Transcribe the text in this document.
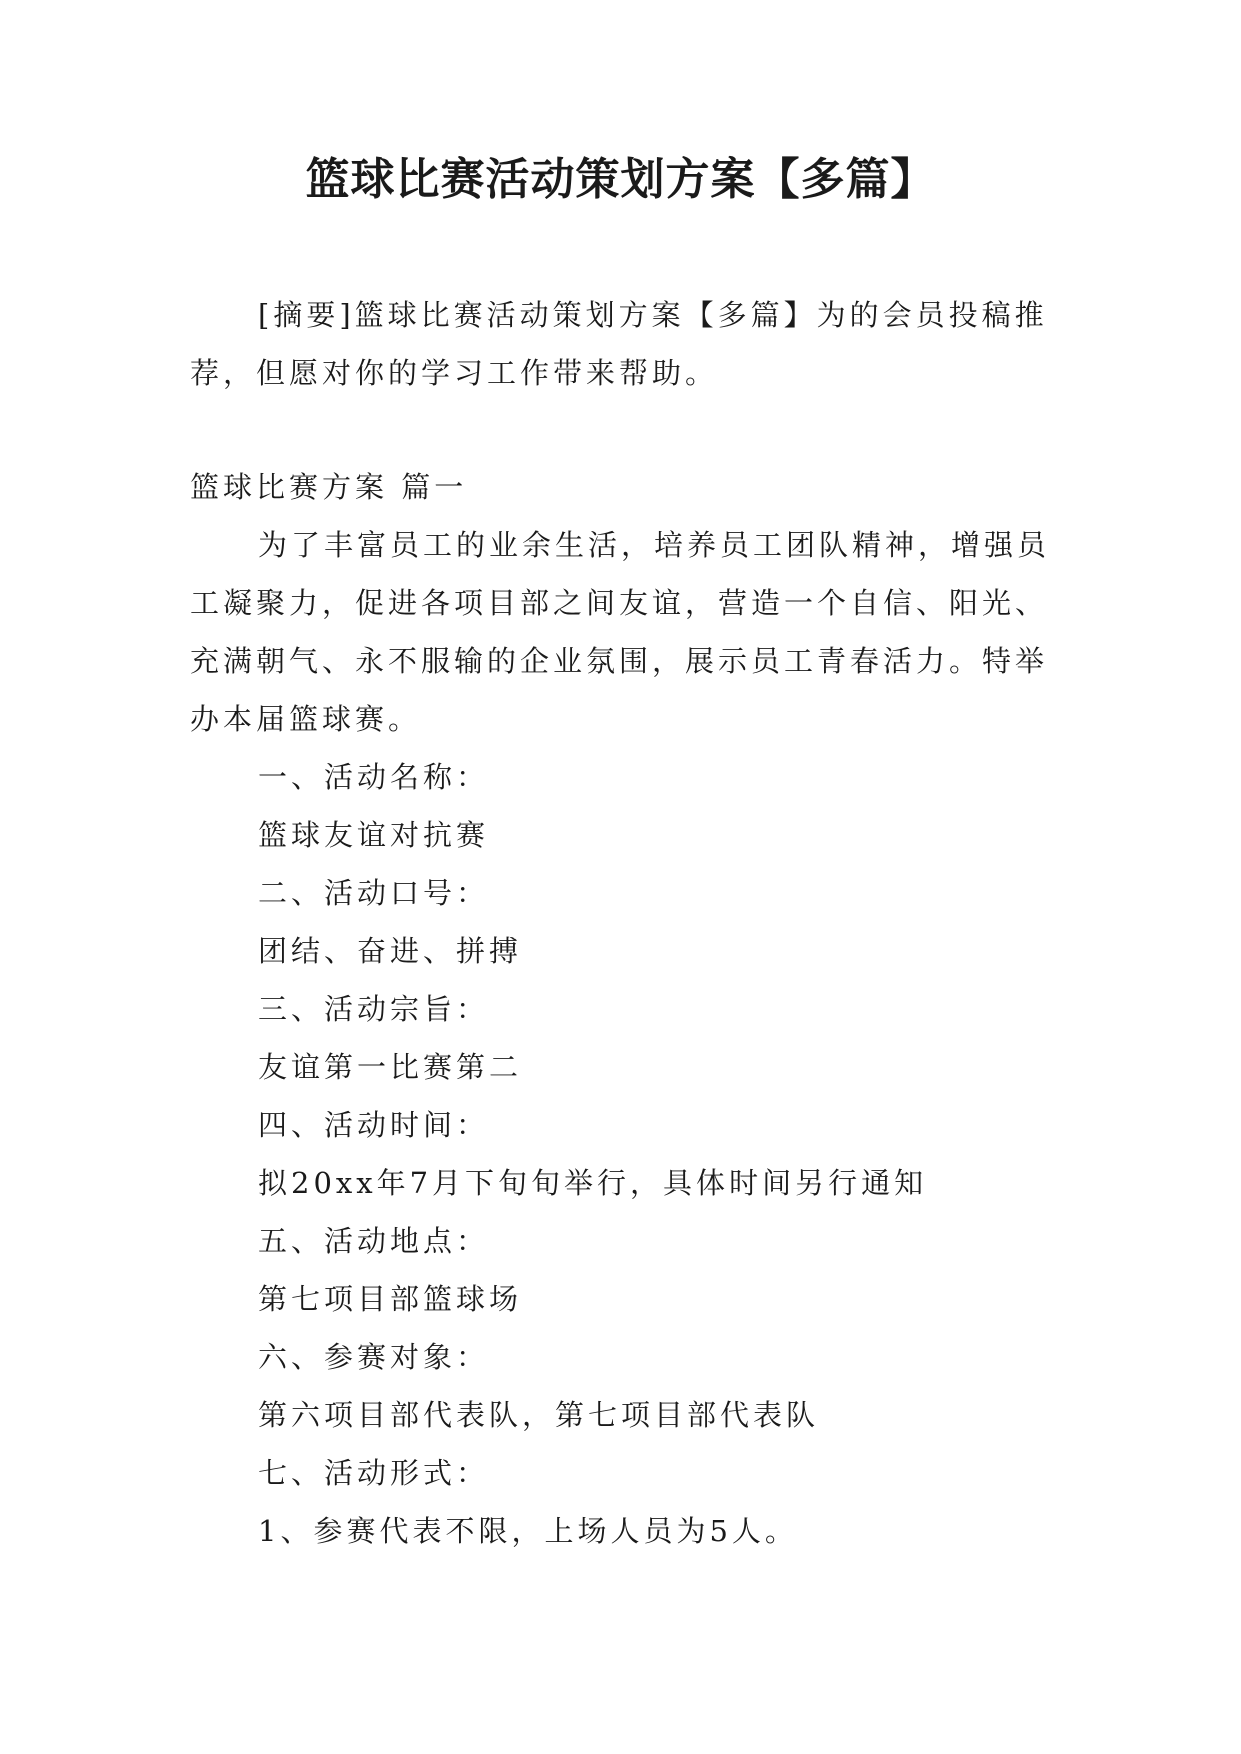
篮球比赛活动策划方案【多篇】

[摘要]篮球比赛活动策划方案【多篇】为的会员投稿推荐，但愿对你的学习工作带来帮助。

篮球比赛方案 篇一

为了丰富员工的业余生活，培养员工团队精神，增强员工凝聚力，促进各项目部之间友谊，营造一个自信、阳光、充满朝气、永不服输的企业氛围，展示员工青春活力。特举办本届篮球赛。

一、活动名称：

篮球友谊对抗赛

二、活动口号：

团结、奋进、拼搏

三、活动宗旨：

友谊第一比赛第二

四、活动时间：

拟20xx年7月下旬旬举行，具体时间另行通知

五、活动地点：

第七项目部篮球场

六、参赛对象：

第六项目部代表队，第七项目部代表队

七、活动形式：

1、参赛代表不限，上场人员为5人。
